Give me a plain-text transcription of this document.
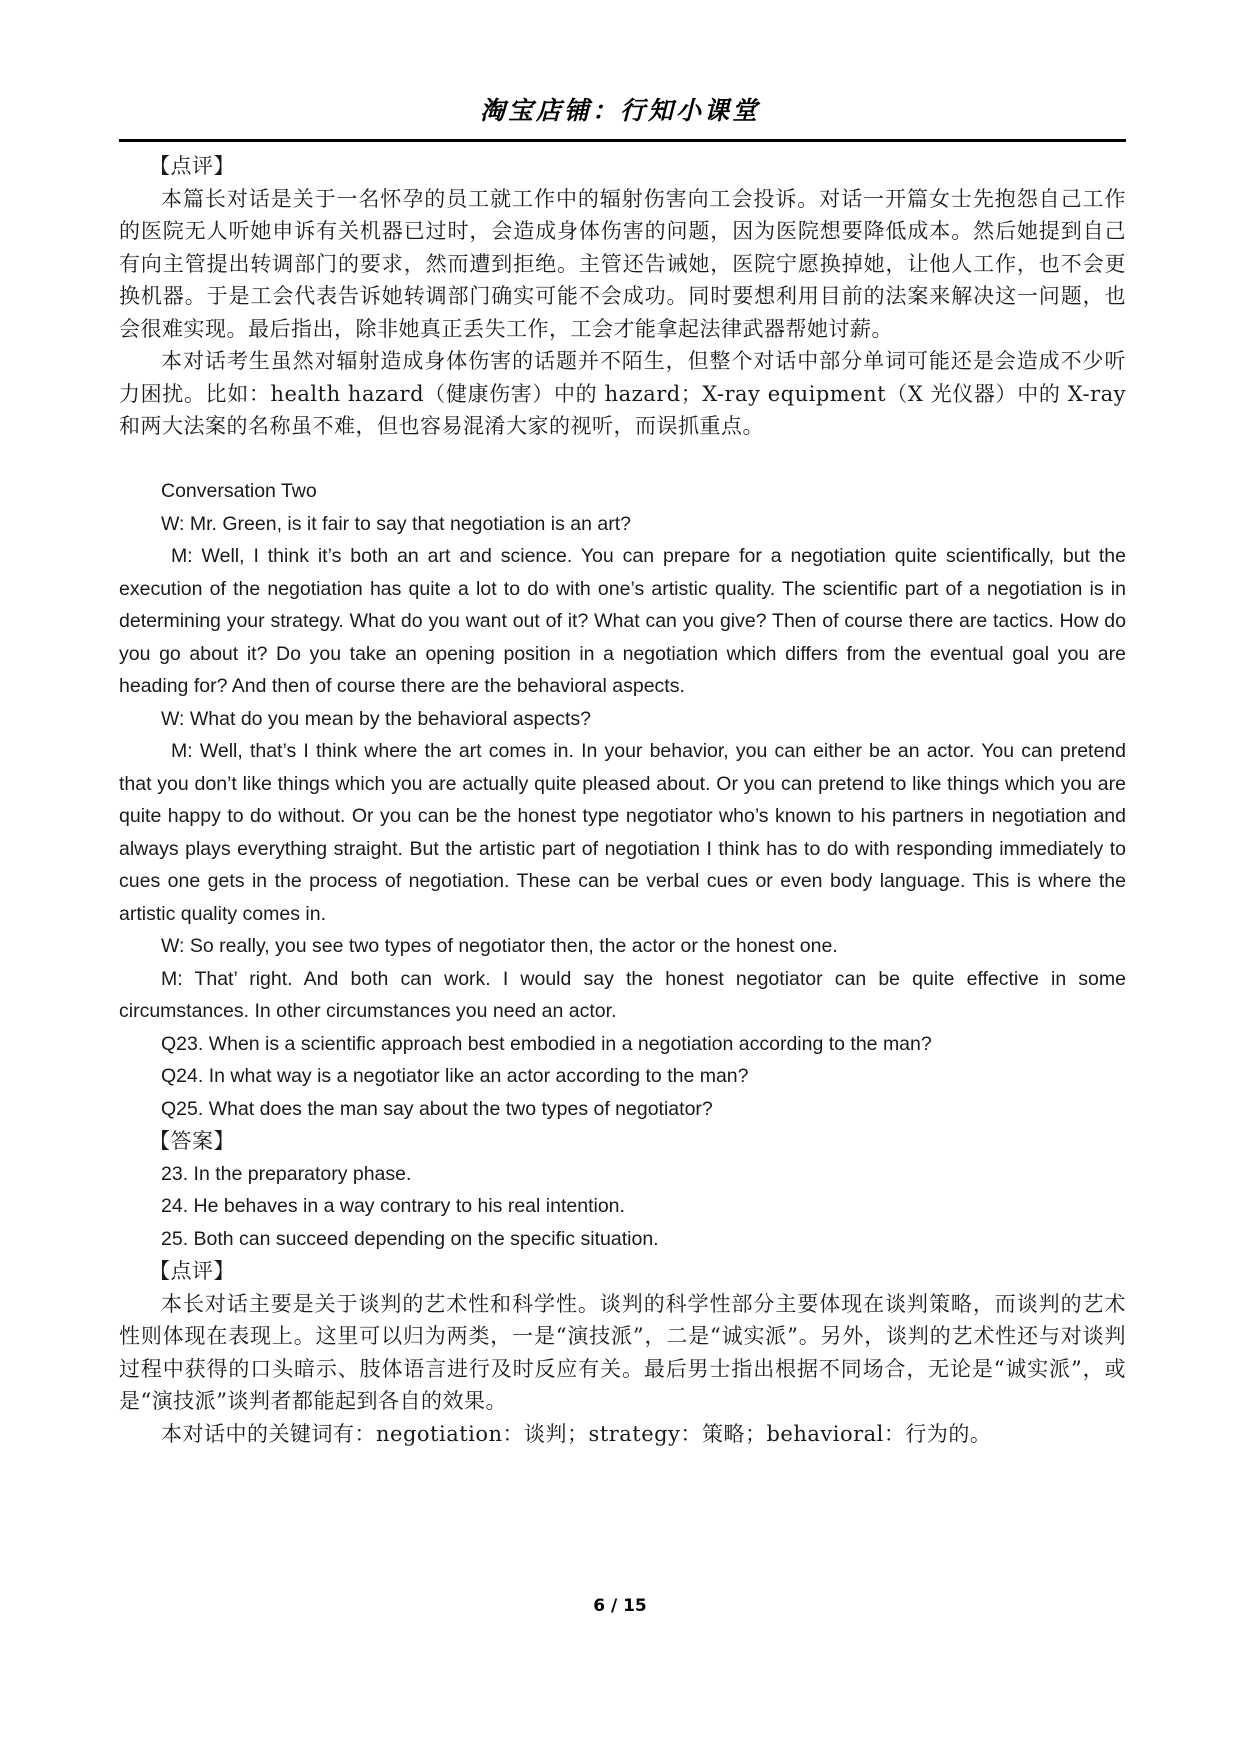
淘宝店铺：行知小课堂

【点评】

本篇长对话是关于一名怀孕的员工就工作中的辐射伤害向工会投诉。对话一开篇女士先抱怨自己工作的医院无人听她申诉有关机器已过时，会造成身体伤害的问题，因为医院想要降低成本。然后她提到自己有向主管提出转调部门的要求，然而遭到拒绝。主管还告诫她，医院宁愿换掉她，让他人工作，也不会更换机器。于是工会代表告诉她转调部门确实可能不会成功。同时要想利用目前的法案来解决这一问题，也会很难实现。最后指出，除非她真正丢失工作，工会才能拿起法律武器帮她讨薪。

本对话考生虽然对辐射造成身体伤害的话题并不陌生，但整个对话中部分单词可能还是会造成不少听力困扰。比如：health hazard（健康伤害）中的 hazard；X-ray equipment（X 光仪器）中的 X-ray 和两大法案的名称虽不难，但也容易混淆大家的视听，而误抓重点。

Conversation Two

W: Mr. Green, is it fair to say that negotiation is an art?

M: Well, I think it’s both an art and science. You can prepare for a negotiation quite scientifically, but the execution of the negotiation has quite a lot to do with one’s artistic quality. The scientific part of a negotiation is in determining your strategy. What do you want out of it? What can you give? Then of course there are tactics. How do you go about it? Do you take an opening position in a negotiation which differs from the eventual goal you are heading for? And then of course there are the behavioral aspects.

W: What do you mean by the behavioral aspects?

M: Well, that’s I think where the art comes in. In your behavior, you can either be an actor. You can pretend that you don’t like things which you are actually quite pleased about. Or you can pretend to like things which you are quite happy to do without. Or you can be the honest type negotiator who’s known to his partners in negotiation and always plays everything straight. But the artistic part of negotiation I think has to do with responding immediately to cues one gets in the process of negotiation. These can be verbal cues or even body language. This is where the artistic quality comes in.

W: So really, you see two types of negotiator then, the actor or the honest one.

M: That’ right. And both can work. I would say the honest negotiator can be quite effective in some circumstances. In other circumstances you need an actor.

Q23. When is a scientific approach best embodied in a negotiation according to the man?

Q24. In what way is a negotiator like an actor according to the man?

Q25. What does the man say about the two types of negotiator?

【答案】

23. In the preparatory phase.

24. He behaves in a way contrary to his real intention.

25. Both can succeed depending on the specific situation.

【点评】

本长对话主要是关于谈判的艺术性和科学性。谈判的科学性部分主要体现在谈判策略，而谈判的艺术性则体现在表现上。这里可以归为两类，一是“演技派”，二是“诚实派”。另外，谈判的艺术性还与对谈判过程中获得的口头暗示、肢体语言进行及时反应有关。最后男士指出根据不同场合，无论是“诚实派”，或是“演技派”谈判者都能起到各自的效果。

本对话中的关键词有：negotiation：谈判；strategy：策略；behavioral：行为的。

6 / 15
